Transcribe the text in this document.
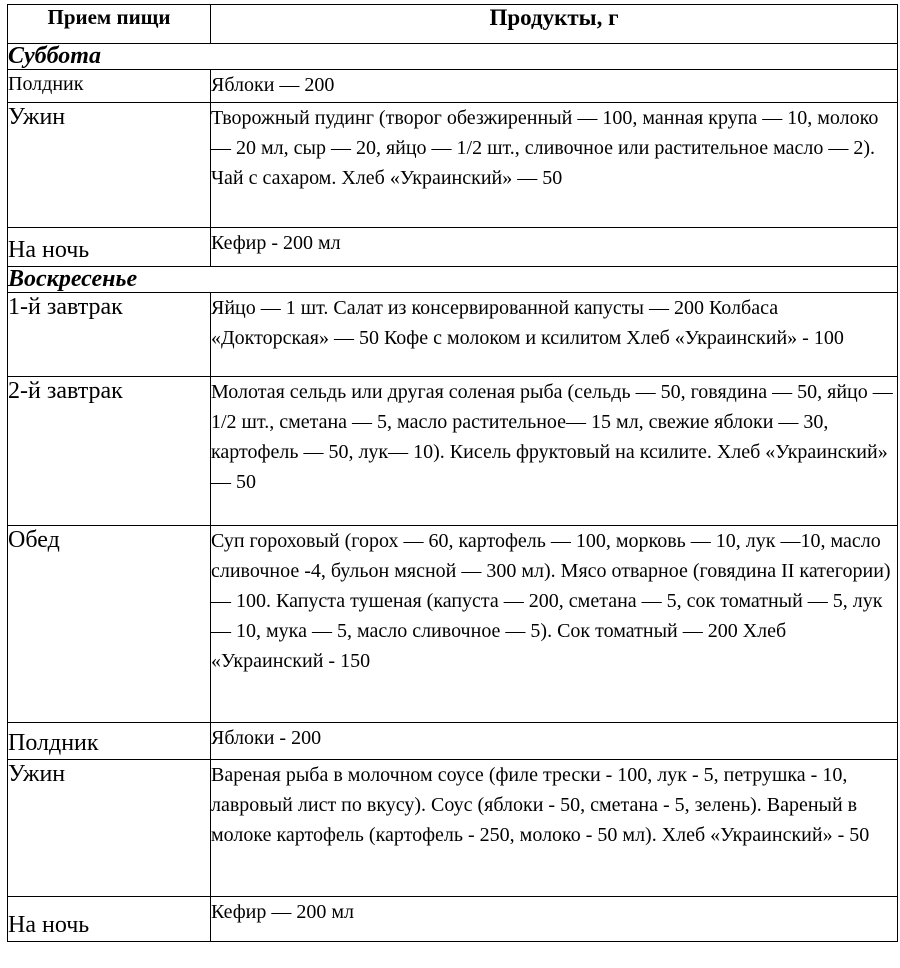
Прием пищи	Продукты, г
Суббота	
Полдник	Яблоки — 200
Ужин	Творожный пудинг (творог обезжиренный — 100, манная крупа — 10, молоко — 20 мл, сыр — 20, яйцо — 1/2 шт., сливочное или растительное масло — 2). Чай с сахаром. Хлеб «Украинский» — 50
На ночь	Кефир - 200 мл
Воскресенье	
1-й завтрак	Яйцо — 1 шт. Салат из консервированной капусты — 200 Колбаса «Докторская» — 50 Кофе с молоком и ксилитом Хлеб «Украинский» - 100
2-й завтрак	Молотая сельдь или другая соленая рыба (сельдь — 50, говядина — 50, яйцо — 1/2 шт., сметана — 5, масло растительное— 15 мл, свежие яблоки — 30, картофель — 50, лук— 10). Кисель фруктовый на ксилите. Хлеб «Украинский» — 50
Обед	Суп гороховый (горох — 60, картофель — 100, морковь — 10, лук —10, масло сливочное -4, бульон мясной — 300 мл). Мясо отварное (говядина II категории) — 100. Капуста тушеная (капуста — 200, сметана — 5, сок томатный — 5, лук — 10, мука — 5, масло сливочное — 5). Сок томатный — 200 Хлеб «Украинский - 150
Полдник	Яблоки - 200
Ужин	Вареная рыба в молочном соусе (филе трески - 100, лук - 5, петрушка - 10, лавровый лист по вкусу). Соус (яблоки - 50, сметана - 5, зелень). Вареный в молоке картофель (картофель - 250, молоко - 50 мл). Хлеб «Украинский» - 50
На ночь	Кефир — 200 мл
